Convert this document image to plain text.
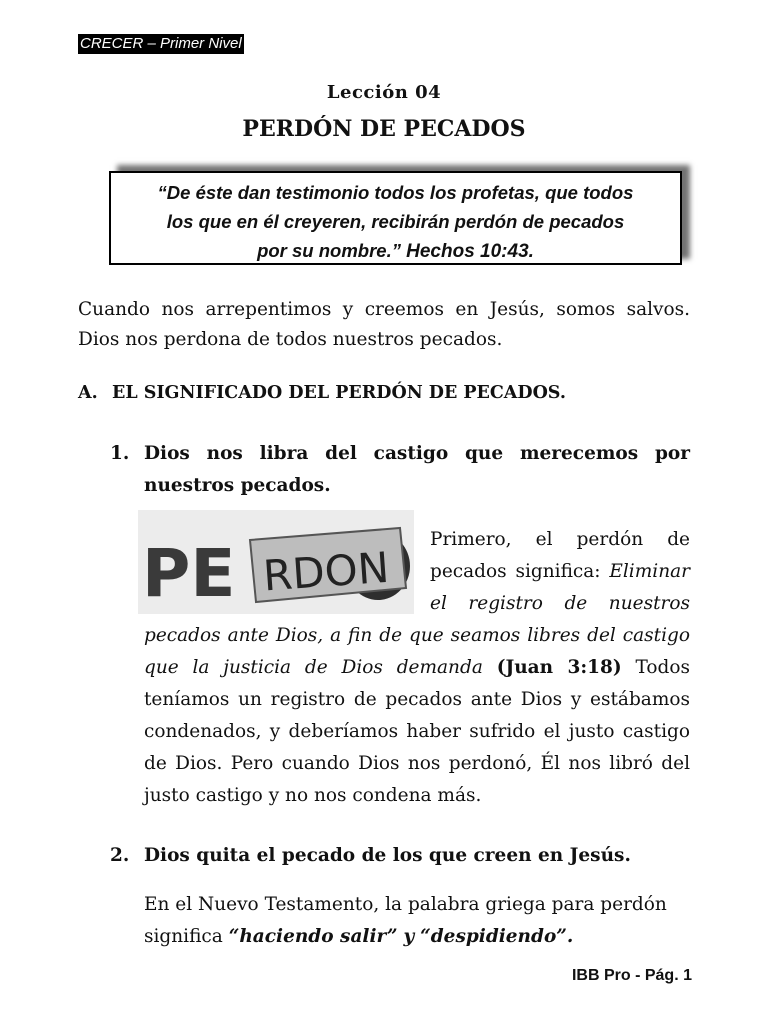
CRECER – Primer Nivel
Lección 04
PERDÓN DE PECADOS
“De éste dan testimonio todos los profetas, que todos
los que en él creyeren, recibirán perdón de pecados
por su nombre.” Hechos 10:43.
Cuando nos arrepentimos y creemos en Jesús, somos salvos. Dios nos perdona de todos nuestros pecados.
A. EL SIGNIFICADO DEL PERDÓN DE PECADOS.
1. Dios nos libra del castigo que merecemos por nuestros pecados.
PE RDON
Primero, el perdón de pecados significa: Eliminar el registro de nuestros pecados ante Dios, a fin de que seamos libres del castigo que la justicia de Dios demanda (Juan 3:18) Todos teníamos un registro de pecados ante Dios y estábamos condenados, y deberíamos haber sufrido el justo castigo de Dios. Pero cuando Dios nos perdonó, Él nos libró del justo castigo y no nos condena más.
2. Dios quita el pecado de los que creen en Jesús.
En el Nuevo Testamento, la palabra griega para perdón significa “haciendo salir” y “despidiendo”.
IBB Pro - Pág. 1
